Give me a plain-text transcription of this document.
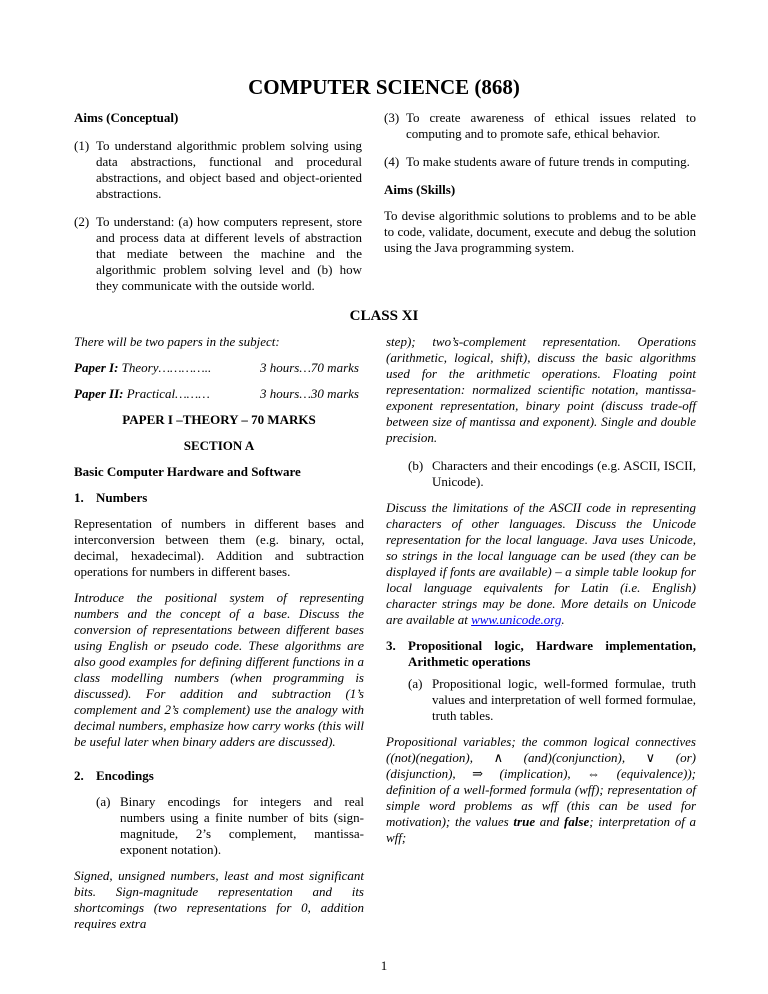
COMPUTER SCIENCE (868)

Aims (Conceptual)

(1) To understand algorithmic problem solving using data abstractions, functional and procedural abstractions, and object based and object-oriented abstractions.
(2) To understand: (a) how computers represent, store and process data at different levels of abstraction that mediate between the machine and the algorithmic problem solving level and (b) how they communicate with the outside world.
(3) To create awareness of ethical issues related to computing and to promote safe, ethical behavior.
(4) To make students aware of future trends in computing.

Aims (Skills)

To devise algorithmic solutions to problems and to be able to code, validate, document, execute and debug the solution using the Java programming system.

CLASS XI

There will be two papers in the subject:

Paper I: Theory…………..	3 hours…70 marks
Paper II: Practical………	3 hours…30 marks

PAPER I –THEORY – 70 MARKS

SECTION A

Basic Computer Hardware and Software

1. Numbers

Representation of numbers in different bases and interconversion between them (e.g. binary, octal, decimal, hexadecimal). Addition and subtraction operations for numbers in different bases.

Introduce the positional system of representing numbers and the concept of a base. Discuss the conversion of representations between different bases using English or pseudo code. These algorithms are also good examples for defining different functions in a class modelling numbers (when programming is discussed). For addition and subtraction (1’s complement and 2’s complement) use the analogy with decimal numbers, emphasize how carry works (this will be useful later when binary adders are discussed).

2. Encodings
(a) Binary encodings for integers and real numbers using a finite number of bits (sign-magnitude, 2’s complement, mantissa-exponent notation).

Signed, unsigned numbers, least and most significant bits. Sign-magnitude representation and its shortcomings (two representations for 0, addition requires extra

step); two’s-complement representation. Operations (arithmetic, logical, shift), discuss the basic algorithms used for the arithmetic operations. Floating point representation: normalized scientific notation, mantissa-exponent representation, binary point (discuss trade-off between size of mantissa and exponent). Single and double precision.

(b) Characters and their encodings (e.g. ASCII, ISCII, Unicode).

Discuss the limitations of the ASCII code in representing characters of other languages. Discuss the Unicode representation for the local language. Java uses Unicode, so strings in the local language can be used (they can be displayed if fonts are available) – a simple table lookup for local language equivalents for Latin (i.e. English) character strings may be done. More details on Unicode are available at www.unicode.org.

3. Propositional logic, Hardware implementation, Arithmetic operations
(a) Propositional logic, well-formed formulae, truth values and interpretation of well formed formulae, truth tables.

Propositional variables; the common logical connectives ((not)(negation), ∧ (and)(conjunction), ∨ (or)(disjunction), ⇒ (implication), ⇔ (equivalence)); definition of a well-formed formula (wff); representation of simple word problems as wff (this can be used for motivation); the values true and false; interpretation of a wff;

1
